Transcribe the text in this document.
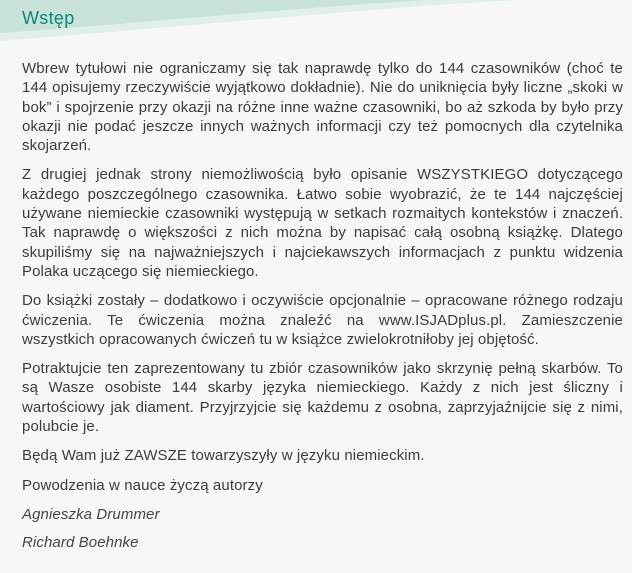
Wstęp

Wbrew tytułowi nie ograniczamy się tak naprawdę tylko do 144 czasowników (choć te 144 opisujemy rzeczywiście wyjątkowo dokładnie). Nie do uniknięcia były liczne „skoki w bok” i spojrzenie przy okazji na różne inne ważne czasowniki, bo aż szkoda by było przy okazji nie podać jeszcze innych ważnych informacji czy też pomocnych dla czytelnika skojarzeń.

Z drugiej jednak strony niemożliwością było opisanie WSZYSTKIEGO dotyczącego każdego poszczególnego czasownika. Łatwo sobie wyobrazić, że te 144 najczęściej używane niemieckie czasowniki występują w setkach rozmaitych kontekstów i znaczeń. Tak naprawdę o większości z nich można by napisać całą osobną książkę. Dlatego skupiliśmy się na najważniejszych i najciekawszych informacjach z punktu widzenia Polaka uczącego się niemieckiego.

Do książki zostały – dodatkowo i oczywiście opcjonalnie – opracowane różnego rodzaju ćwiczenia. Te ćwiczenia można znaleźć na www.ISJADplus.pl. Zamieszczenie wszystkich opracowanych ćwiczeń tu w książce zwielokrotniłoby jej objętość.

Potraktujcie ten zaprezentowany tu zbiór czasowników jako skrzynię pełną skarbów. To są Wasze osobiste 144 skarby języka niemieckiego. Każdy z nich jest śliczny i wartościowy jak diament. Przyjrzyjcie się każdemu z osobna, zaprzyjaźnijcie się z nimi, polubcie je.

Będą Wam już ZAWSZE towarzyszyły w języku niemieckim.

Powodzenia w nauce życzą autorzy

Agnieszka Drummer

Richard Boehnke
